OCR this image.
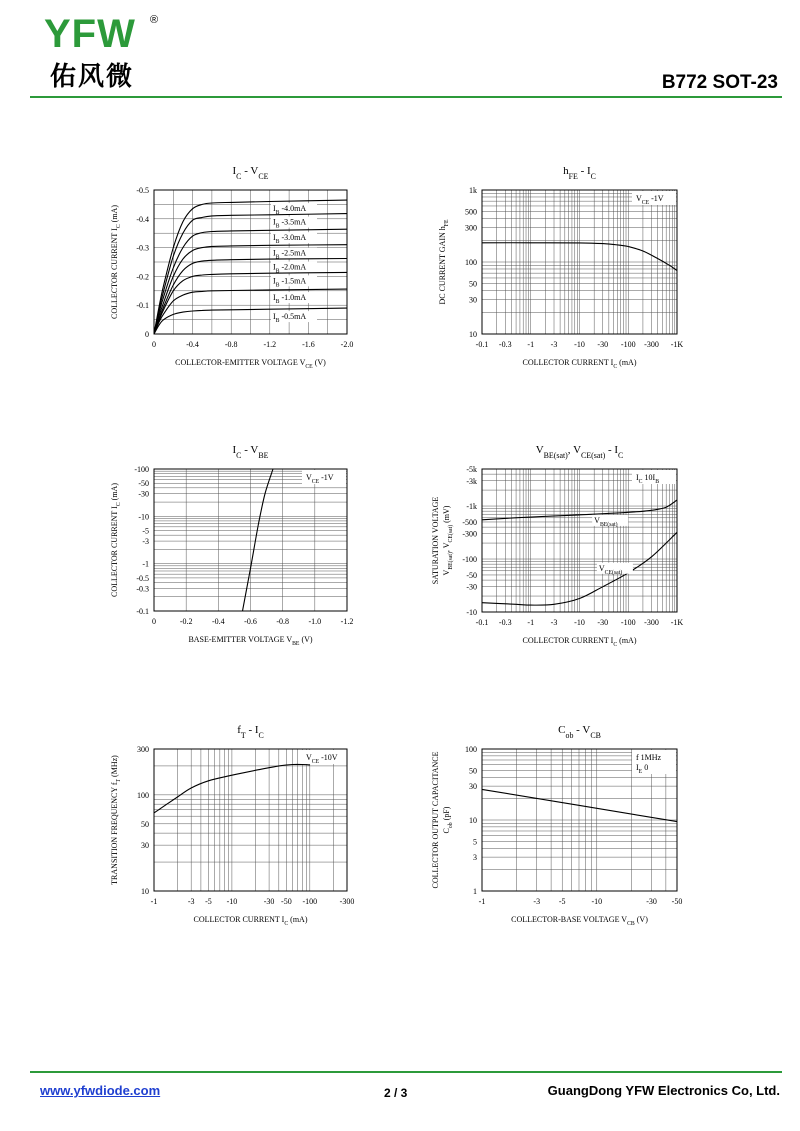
YFW ®
佑风微	B772 SOT-23
0	-0.4	-0.8	-1.2	-1.6	-2.0
0
-0.1
-0.2
-0.3
-0.4
-0.5
$I_C - V_{CE}$
COLLECTOR-EMITTER VOLTAGE $V_{CE}$ (V)
COLLECTOR CURRENT $I_C$ (mA)	$I_B$ -4.0mA
$I_B$ -3.5mA
$I_B$ -3.0mA
$I_B$ -2.5mA
$I_B$ -2.0mA
$I_B$ -1.5mA
$I_B$ -1.0mA
$I_B$ -0.5mA
-0.1 -0.3 -1 -3 -10 -30 -100 -300 -1K
10
30
50
100
300
500
1k
$h_{FE} - I_C$
COLLECTOR CURRENT $I_C$ (mA)
DC CURRENT GAIN $h_{FE}$
$V_{CE}$ -1V
0	-0.2 -0.4 -0.6 -0.8 -1.0 -1.2
-0.1
-0.3
-0.5
-1
-3
-5
-10
-30
-50
-100
$I_C - V_{BE}$
BASE-EMITTER VOLTAGE $V_{BE}$ (V)
COLLECTOR CURRENT $I_C$ (mA)
$V_{CE}$ -1V
-0.1 -0.3 -1 -3 -10 -30 -100 -300 -1K
-10
-30
-50
-100
-300
-500
-1k
-3k
-5k
$V_{BE(sat)}$, $V_{CE(sat)} - I_C$
COLLECTOR CURRENT $I_C$ (mA)
SATURATION VOLTAGE $V_{BE(sat)}$, $V_{CE(sat)}$ (mV)
$I_C$ $10I_B$
$V_{BE(sat)}$
$V_{CE(sat)}$
-1	-3 -5 -10	-30 -50 -100	-300
10
30
50
100
300
$f_T - I_C$
COLLECTOR CURRENT $I_C$ (mA)
TRANSITION FREQUENCY $f_T$ (MHz)	$V_{CE}$ -10V
-1	-3 -5	-10	-30 -50
1
3
5
10
30
50
100
$C_{ob} - V_{CB}$
COLLECTOR-BASE VOLTAGE $V_{CB}$ (V)
COLLECTOR OUTPUT CAPACITANCE $C_{ob}$ (pF)
f 1MHz
$I_E$ 0
www.yfwdiode.com	2 / 3	GuangDong YFW Electronics Co, Ltd.
